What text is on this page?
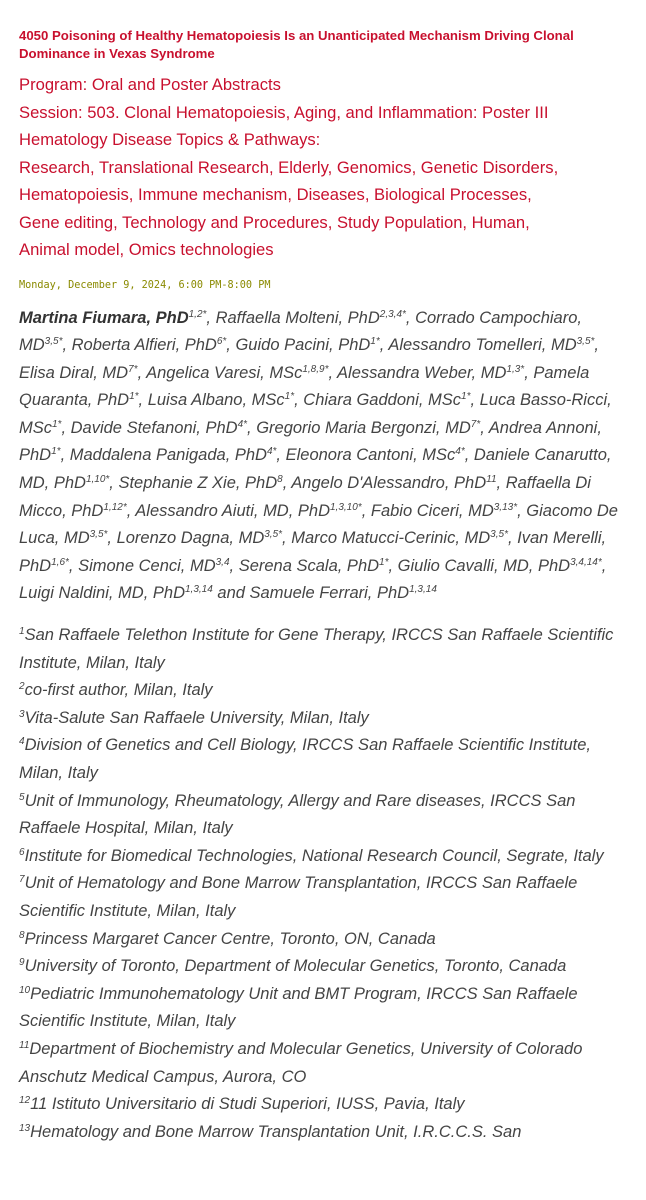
4050 Poisoning of Healthy Hematopoiesis Is an Unanticipated Mechanism Driving Clonal Dominance in Vexas Syndrome
Program: Oral and Poster Abstracts
Session: 503. Clonal Hematopoiesis, Aging, and Inflammation: Poster III
Hematology Disease Topics & Pathways:
Research, Translational Research, Elderly, Genomics, Genetic Disorders,
Hematopoiesis, Immune mechanism, Diseases, Biological Processes,
Gene editing, Technology and Procedures, Study Population, Human,
Animal model, Omics technologies
Monday, December 9, 2024, 6:00 PM-8:00 PM

Martina Fiumara, PhD$^{1,2*}$, Raffaella Molteni, PhD$^{2,3,4*}$, Corrado Campochiaro, $MD^{3,5*}$, Roberta Alfieri, PhD$^{6*}$, Guido Pacini, PhD$^{1*}$, Alessandro Tomelleri, $MD^{3,5*}$, Elisa Diral, $MD^{7*}$, Angelica Varesi, MSc$^{1,8,9*}$, Alessandra Weber, $MD^{1,3*}$, Pamela Quaranta, PhD$^{1*}$, Luisa Albano, MSc$^{1*}$, Chiara Gaddoni, MSc$^{1*}$, Luca Basso-Ricci, MSc$^{1*}$, Davide Stefanoni, PhD$^{4*}$, Gregorio Maria Bergonzi, $MD^{7*}$, Andrea Annoni, PhD$^{1*}$, Maddalena Panigada, PhD$^{4*}$, Eleonora Cantoni, MSc$^{4*}$, Daniele Canarutto, MD, PhD$^{1,10*}$, Stephanie Z Xie, PhD$^8$, Angelo D'Alessandro, PhD$^{11}$, Raffaella Di Micco, PhD$^{1,12*}$, Alessandro Aiuti, MD, PhD$^{1,3,10*}$, Fabio Ciceri, $MD^{3,13*}$, Giacomo De Luca, $MD^{3,5*}$, Lorenzo Dagna, $MD^{3,5*}$, Marco Matucci-Cerinic, $MD^{3,5*}$, Ivan Merelli, PhD$^{1,6*}$, Simone Cenci, MD$^{3,4}$, Serena Scala, PhD$^{1*}$, Giulio Cavalli, MD, PhD$^{3,4,14*}$, Luigi Naldini, MD, PhD$^{1,3,14}$ and Samuele Ferrari, PhD$^{1,3,14}$

$^1$San Raffaele Telethon Institute for Gene Therapy, IRCCS San Raffaele Scientific Institute, Milan, Italy
$^2$co-first author, Milan, Italy
$^3$Vita-Salute San Raffaele University, Milan, Italy
$^4$Division of Genetics and Cell Biology, IRCCS San Raffaele Scientific Institute, Milan, Italy
$^5$Unit of Immunology, Rheumatology, Allergy and Rare diseases, IRCCS San Raffaele Hospital, Milan, Italy
$^6$Institute for Biomedical Technologies, National Research Council, Segrate, Italy
$^7$Unit of Hematology and Bone Marrow Transplantation, IRCCS San Raffaele Scientific Institute, Milan, Italy
$^8$Princess Margaret Cancer Centre, Toronto, ON, Canada
$^9$University of Toronto, Department of Molecular Genetics, Toronto, Canada
$^{10}$Pediatric Immunohematology Unit and BMT Program, IRCCS San Raffaele Scientific Institute, Milan, Italy
$^{11}$Department of Biochemistry and Molecular Genetics, University of Colorado Anschutz Medical Campus, Aurora, CO
$^{12}$11 Istituto Universitario di Studi Superiori, IUSS, Pavia, Italy
$^{13}$Hematology and Bone Marrow Transplantation Unit, I.R.C.C.S. San
